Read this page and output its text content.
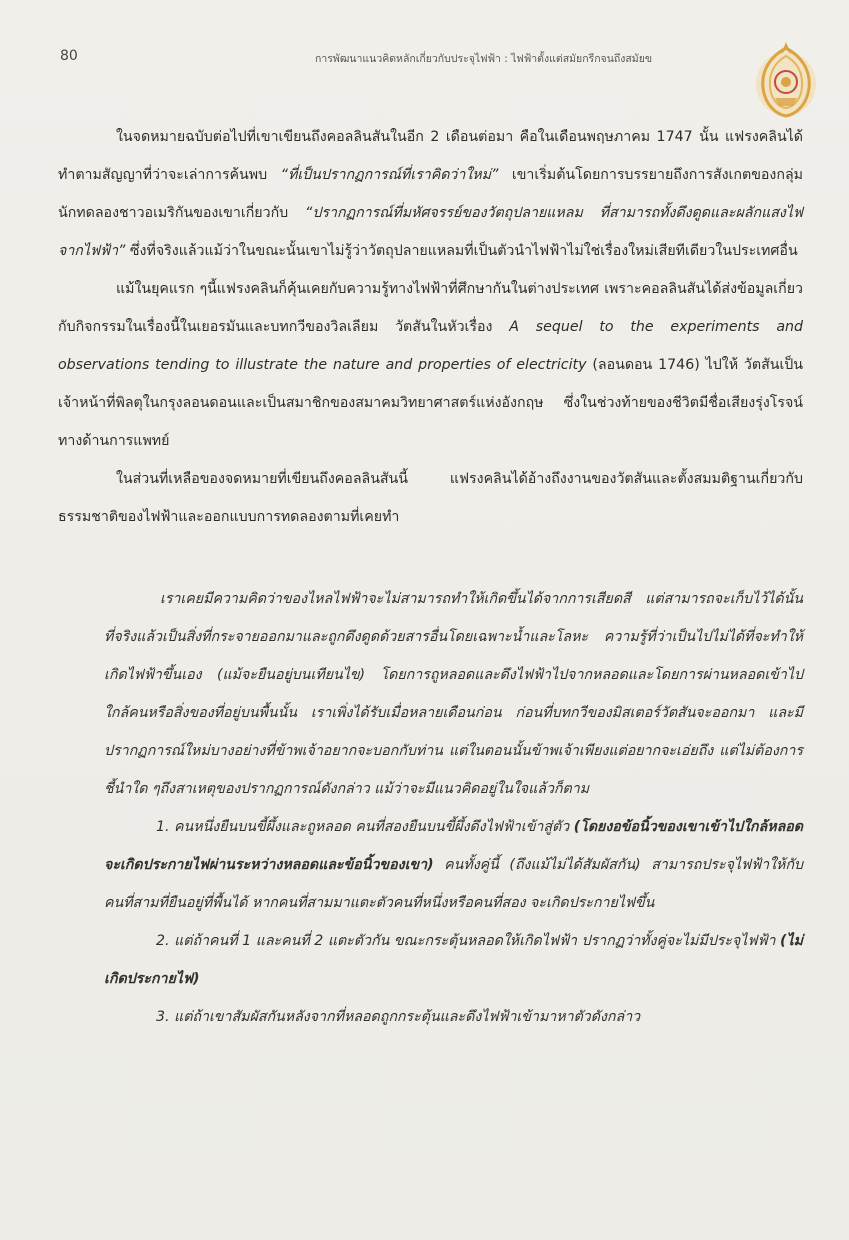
80	การพัฒนาแนวคิดหลักเกี่ยวกับประจุไฟฟ้า : ไฟฟ้าตั้งแต่สมัยกรีกจนถึงสมัยข

ในจดหมายฉบับต่อไปที่เขาเขียนถึงคอลลินสันในอีก 2 เดือนต่อมา คือในเดือนพฤษภาคม 1747 นั้น แฟรงคลินได้ทำตามสัญญาที่ว่าจะเล่าการค้นพบ “ที่เป็นปรากฏการณ์ที่เราคิดว่าใหม่” เขาเริ่มต้นโดยการบรรยายถึงการสังเกตของกลุ่มนักทดลองชาวอเมริกันของเขาเกี่ยวกับ “ปรากฏการณ์ที่มหัศจรรย์ของวัตถุปลายแหลม ที่สามารถทั้งดึงดูดและผลักแสงไฟจากไฟฟ้า” ซึ่งที่จริงแล้วแม้ว่าในขณะนั้นเขาไม่รู้ว่าวัตถุปลายแหลมที่เป็นตัวนำไฟฟ้าไม่ใช่เรื่องใหม่เสียทีเดียวในประเทศอื่น

แม้ในยุคแรก ๆนี้แฟรงคลินก็คุ้นเคยกับความรู้ทางไฟฟ้าที่ศึกษากันในต่างประเทศ เพราะคอลลินสันได้ส่งข้อมูลเกี่ยวกับกิจกรรมในเรื่องนี้ในเยอรมันและบทกวีของวิลเลียม วัตสันในหัวเรื่อง A sequel to the experiments and observations tending to illustrate the nature and properties of electricity (ลอนดอน 1746) ไปให้ วัตสันเป็นเจ้าหน้าที่พิลตุในกรุงลอนดอนและเป็นสมาชิกของสมาคมวิทยาศาสตร์แห่งอังกฤษ ซึ่งในช่วงท้ายของชีวิตมีชื่อเสียงรุ่งโรจน์ทางด้านการแพทย์

ในส่วนที่เหลือของจดหมายที่เขียนถึงคอลลินสันนี้ แฟรงคลินได้อ้างถึงงานของวัตสันและตั้งสมมติฐานเกี่ยวกับธรรมชาติของไฟฟ้าและออกแบบการทดลองตามที่เคยทำ

เราเคยมีความคิดว่าของไหลไฟฟ้าจะไม่สามารถทำให้เกิดขึ้นได้จากการเสียดสี แต่สามารถจะเก็บไว้ได้นั้น ที่จริงแล้วเป็นสิ่งที่กระจายออกมาและถูกดึงดูดด้วยสารอื่นโดยเฉพาะน้ำและโลหะ ความรู้ที่ว่าเป็นไปไม่ได้ที่จะทำให้เกิดไฟฟ้าขึ้นเอง (แม้จะยืนอยู่บนเทียนไข) โดยการถูหลอดและดึงไฟฟ้าไปจากหลอดและโดยการผ่านหลอดเข้าไปใกล้คนหรือสิ่งของที่อยู่บนพื้นนั้น เราเพิ่งได้รับเมื่อหลายเดือนก่อน ก่อนที่บทกวีของมิสเตอร์วัตสันจะออกมา และมีปรากฏการณ์ใหม่บางอย่างที่ข้าพเจ้าอยากจะบอกกับท่าน แต่ในตอนนั้นข้าพเจ้าเพียงแต่อยากจะเอ่ยถึง แต่ไม่ต้องการชี้นำใด ๆถึงสาเหตุของปรากฏการณ์ดังกล่าว แม้ว่าจะมีแนวคิดอยู่ในใจแล้วก็ตาม

1. คนหนึ่งยืนบนขี้ผึ้งและถูหลอด คนที่สองยืนบนขี้ผึ้งดึงไฟฟ้าเข้าสู่ตัว (โดยงอข้อนิ้วของเขาเข้าไปใกล้หลอด จะเกิดประกายไฟผ่านระหว่างหลอดและข้อนิ้วของเขา) คนทั้งคู่นี้ (ถึงแม้ไม่ได้สัมผัสกัน) สามารถประจุไฟฟ้าให้กับคนที่สามที่ยืนอยู่ที่พื้นได้ หากคนที่สามมาแตะตัวคนที่หนึ่งหรือคนที่สอง จะเกิดประกายไฟขึ้น

2. แต่ถ้าคนที่ 1 และคนที่ 2 แตะตัวกัน ขณะกระตุ้นหลอดให้เกิดไฟฟ้า ปรากฏว่าทั้งคู่จะไม่มีประจุไฟฟ้า (ไม่เกิดประกายไฟ)

3. แต่ถ้าเขาสัมผัสกันหลังจากที่หลอดถูกกระตุ้นและดึงไฟฟ้าเข้ามาหาตัวดังกล่าว
